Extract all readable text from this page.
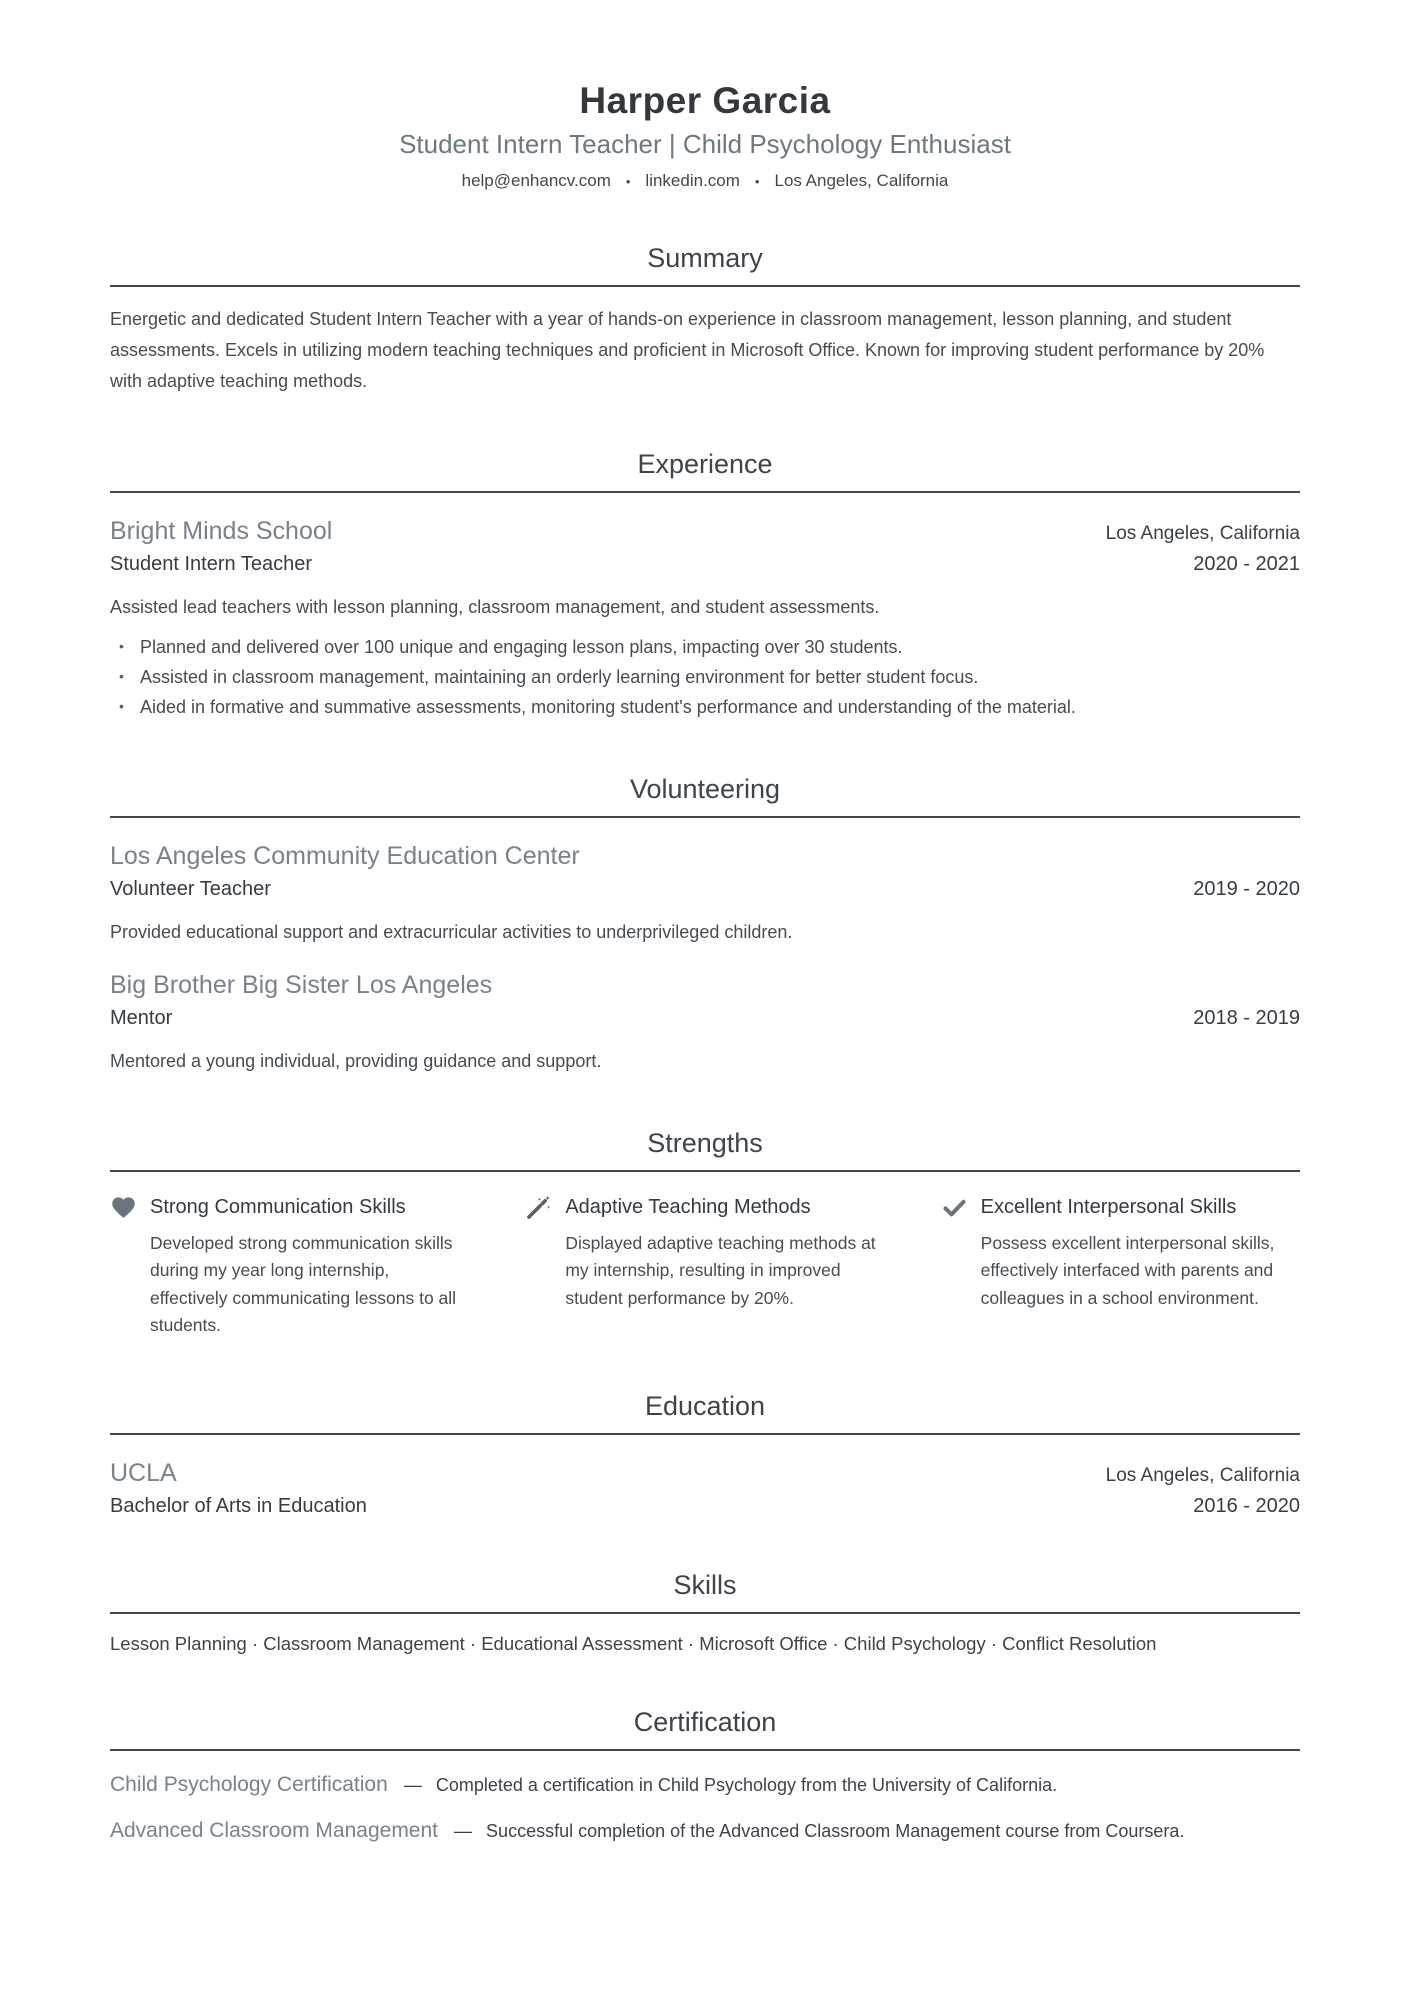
Harper Garcia
Student Intern Teacher | Child Psychology Enthusiast
help@enhancv.com • linkedin.com • Los Angeles, California
Summary

Energetic and dedicated Student Intern Teacher with a year of hands-on experience in classroom management, lesson planning, and student assessments. Excels in utilizing modern teaching techniques and proficient in Microsoft Office. Known for improving student performance by 20% with adaptive teaching methods.

Experience
Bright Minds School	Los Angeles, California
Student Intern Teacher	2020 - 2021

Assisted lead teachers with lesson planning, classroom management, and student assessments.

• Planned and delivered over 100 unique and engaging lesson plans, impacting over 30 students.
• Assisted in classroom management, maintaining an orderly learning environment for better student focus.
• Aided in formative and summative assessments, monitoring student's performance and understanding of the material.
Volunteering
Los Angeles Community Education Center
Volunteer Teacher	2019 - 2020

Provided educational support and extracurricular activities to underprivileged children.

Big Brother Big Sister Los Angeles
Mentor	2018 - 2019

Mentored a young individual, providing guidance and support.

Strengths
Strong Communication Skills

Developed strong communication skills during my year long internship, effectively communicating lessons to all students.

Adaptive Teaching Methods

Displayed adaptive teaching methods at my internship, resulting in improved student performance by 20%.

Excellent Interpersonal Skills

Possess excellent interpersonal skills, effectively interfaced with parents and colleagues in a school environment.

Education
UCLA	Los Angeles, California
Bachelor of Arts in Education	2016 - 2020
Skills
Lesson Planning · Classroom Management · Educational Assessment · Microsoft Office · Child Psychology · Conflict Resolution
Certification

Child Psychology Certification — Completed a certification in Child Psychology from the University of California.

Advanced Classroom Management — Successful completion of the Advanced Classroom Management course from Coursera.
